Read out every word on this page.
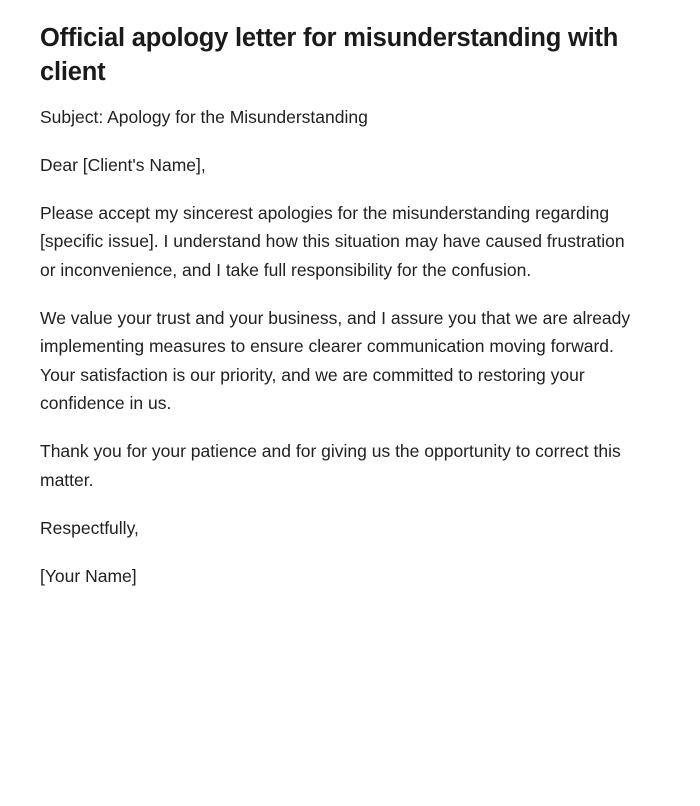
Official apology letter for misunderstanding with client

Subject: Apology for the Misunderstanding

Dear [Client's Name],

Please accept my sincerest apologies for the misunderstanding regarding [specific issue]. I understand how this situation may have caused frustration or inconvenience, and I take full responsibility for the confusion.

We value your trust and your business, and I assure you that we are already implementing measures to ensure clearer communication moving forward. Your satisfaction is our priority, and we are committed to restoring your confidence in us.

Thank you for your patience and for giving us the opportunity to correct this matter.

Respectfully,

[Your Name]
